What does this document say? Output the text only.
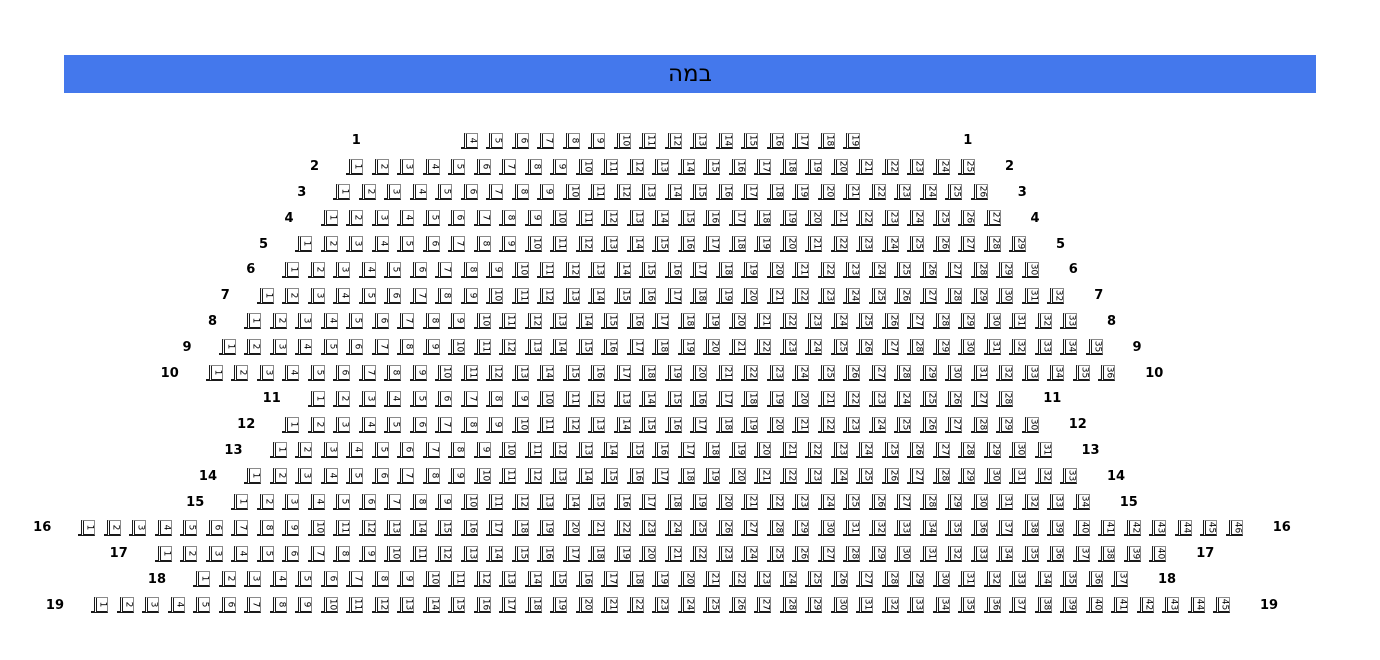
במה
1	4	5	6	7	8	9	10	11	12	13	14	15	16	17	18	19	1
2	1	2	3	4	5	6	7	8	9	10	11	12	13	14	15	16	17	18	19	20	21	22	23	24	25	2
3	1	2	3	4	5	6	7	8	9	10	11	12	13	14	15	16	17	18	19	20	21	22	23	24	25	26	3
4	1	2	3	4	5	6	7	8	9	10	11	12	13	14	15	16	17	18	19	20	21	22	23	24	25	26	27	4
5	1	2	3	4	5	6	7	8	9	10	11	12	13	14	15	16	17	18	19	20	21	22	23	24	25	26	27	28	29	5
6	1	2	3	4	5	6	7	8	9	10	11	12	13	14	15	16	17	18	19	20	21	22	23	24	25	26	27	28	29	30	6
7	1	2	3	4	5	6	7	8	9	10	11	12	13	14	15	16	17	18	19	20	21	22	23	24	25	26	27	28	29	30	31	32	7
8	1	2	3	4	5	6	7	8	9	10	11	12	13	14	15	16	17	18	19	20	21	22	23	24	25	26	27	28	29	30	31	32	33	8
9	1	2	3	4	5	6	7	8	9	10	11	12	13	14	15	16	17	18	19	20	21	22	23	24	25	26	27	28	29	30	31	32	33	34	35	9
10	1	2	3	4	5	6	7	8	9	10	11	12	13	14	15	16	17	18	19	20	21	22	23	24	25	26	27	28	29	30	31	32	33	34	35	36	10
11	1	2	3	4	5	6	7	8	9	10	11	12	13	14	15	16	17	18	19	20	21	22	23	24	25	26	27	28	11
12	1	2	3	4	5	6	7	8	9	10	11	12	13	14	15	16	17	18	19	20	21	22	23	24	25	26	27	28	29	30	12
13	1	2	3	4	5	6	7	8	9	10	11	12	13	14	15	16	17	18	19	20	21	22	23	24	25	26	27	28	29	30	31	13
14	1	2	3	4	5	6	7	8	9	10	11	12	13	14	15	16	17	18	19	20	21	22	23	24	25	26	27	28	29	30	31	32	33	14
15	1	2	3	4	5	6	7	8	9	10	11	12	13	14	15	16	17	18	19	20	21	22	23	24	25	26	27	28	29	30	31	32	33	34	15
16	1	2	3	4	5	6	7	8	9	10	11	12	13	14	15	16	17	18	19	20	21	22	23	24	25	26	27	28	29	30	31	32	33	34	35	36	37	38	39	40	41	42	43	44	45	46	16
17	1	2	3	4	5	6	7	8	9	10	11	12	13	14	15	16	17	18	19	20	21	22	23	24	25	26	27	28	29	30	31	32	33	34	35	36	37	38	39	40	17
18	1	2	3	4	5	6	7	8	9	10	11	12	13	14	15	16	17	18	19	20	21	22	23	24	25	26	27	28	29	30	31	32	33	34	35	36	37	18
19	1	2	3	4	5	6	7	8	9	10	11	12	13	14	15	16	17	18	19	20	21	22	23	24	25	26	27	28	29	30	31	32	33	34	35	36	37	38	39	40	41	42	43	44	45	19
